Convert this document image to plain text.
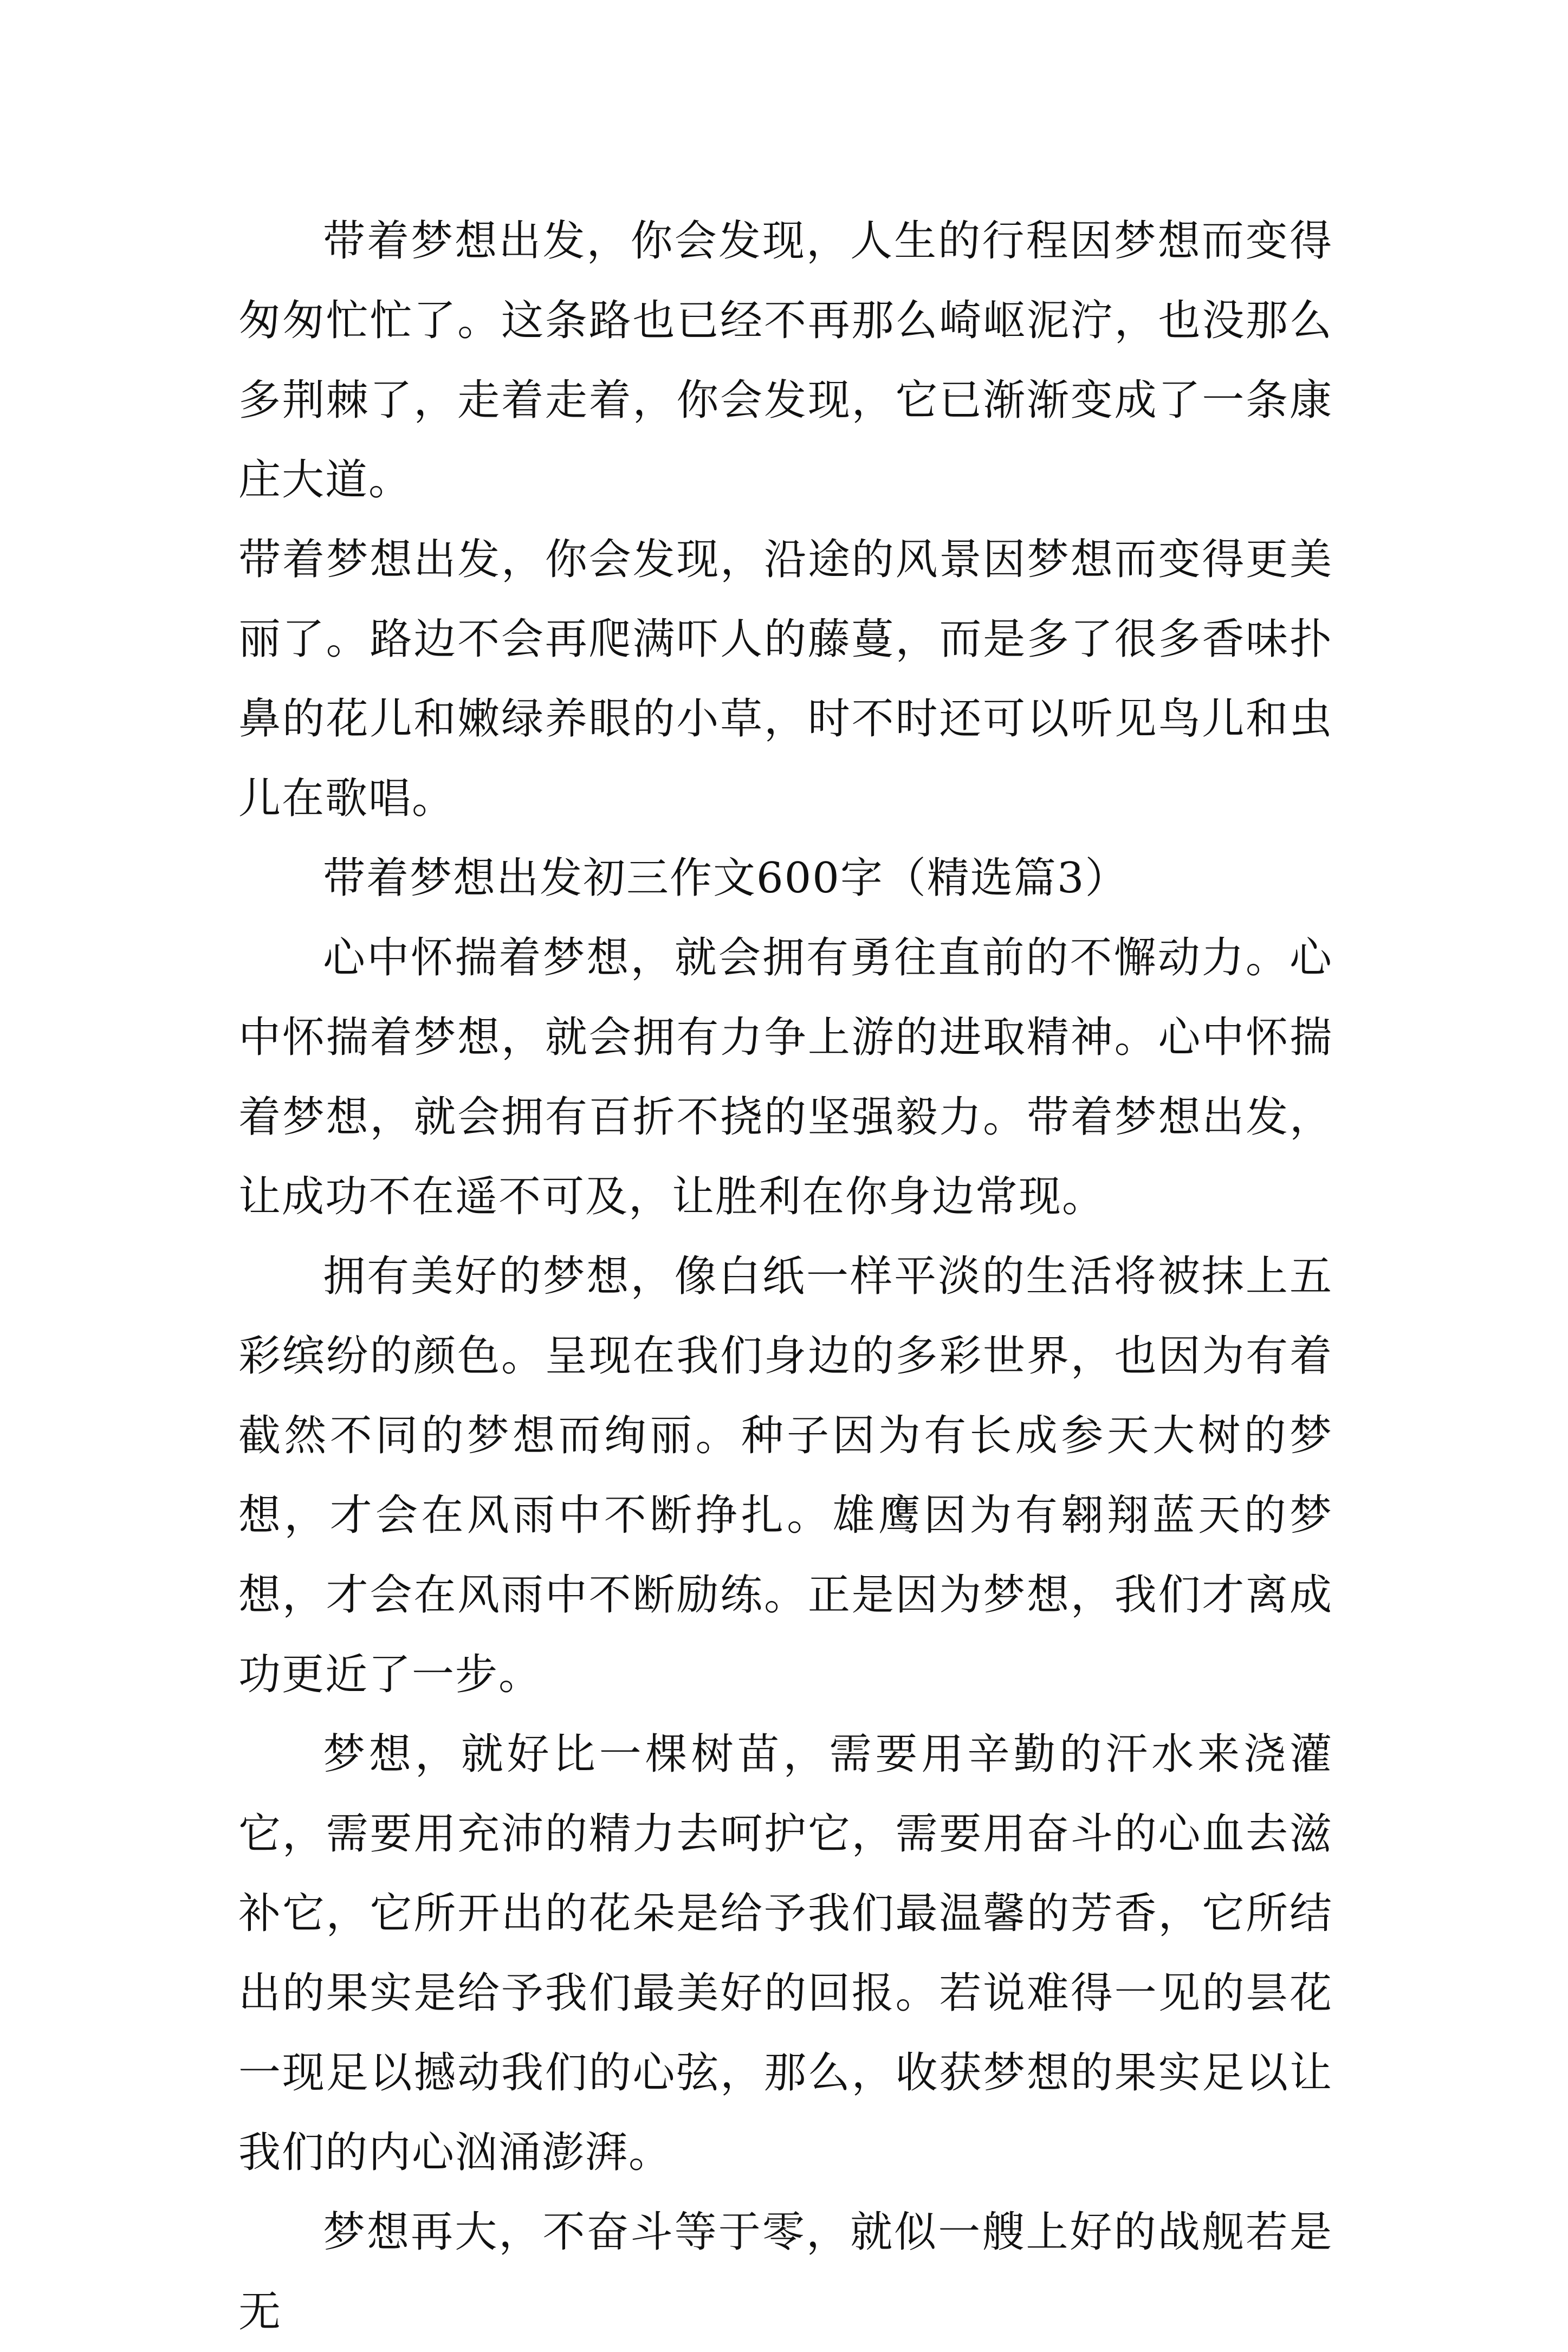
带着梦想出发，你会发现，人生的行程因梦想而变得匆匆忙忙了。这条路也已经不再那么崎岖泥泞，也没那么多荆棘了，走着走着，你会发现，它已渐渐变成了一条康庄大道。

带着梦想出发，你会发现，沿途的风景因梦想而变得更美丽了。路边不会再爬满吓人的藤蔓，而是多了很多香味扑鼻的花儿和嫩绿养眼的小草，时不时还可以听见鸟儿和虫儿在歌唱。

带着梦想出发初三作文600字（精选篇3）

心中怀揣着梦想，就会拥有勇往直前的不懈动力。心中怀揣着梦想，就会拥有力争上游的进取精神。心中怀揣着梦想，就会拥有百折不挠的坚强毅力。带着梦想出发，让成功不在遥不可及，让胜利在你身边常现。

拥有美好的梦想，像白纸一样平淡的生活将被抹上五彩缤纷的颜色。呈现在我们身边的多彩世界，也因为有着截然不同的梦想而绚丽。种子因为有长成参天大树的梦想，才会在风雨中不断挣扎。雄鹰因为有翱翔蓝天的梦想，才会在风雨中不断励练。正是因为梦想，我们才离成功更近了一步。

梦想，就好比一棵树苗，需要用辛勤的汗水来浇灌它，需要用充沛的精力去呵护它，需要用奋斗的心血去滋补它，它所开出的花朵是给予我们最温馨的芳香，它所结出的果实是给予我们最美好的回报。若说难得一见的昙花一现足以撼动我们的心弦，那么，收获梦想的果实足以让我们的内心汹涌澎湃。

梦想再大，不奋斗等于零，就似一艘上好的战舰若是无
